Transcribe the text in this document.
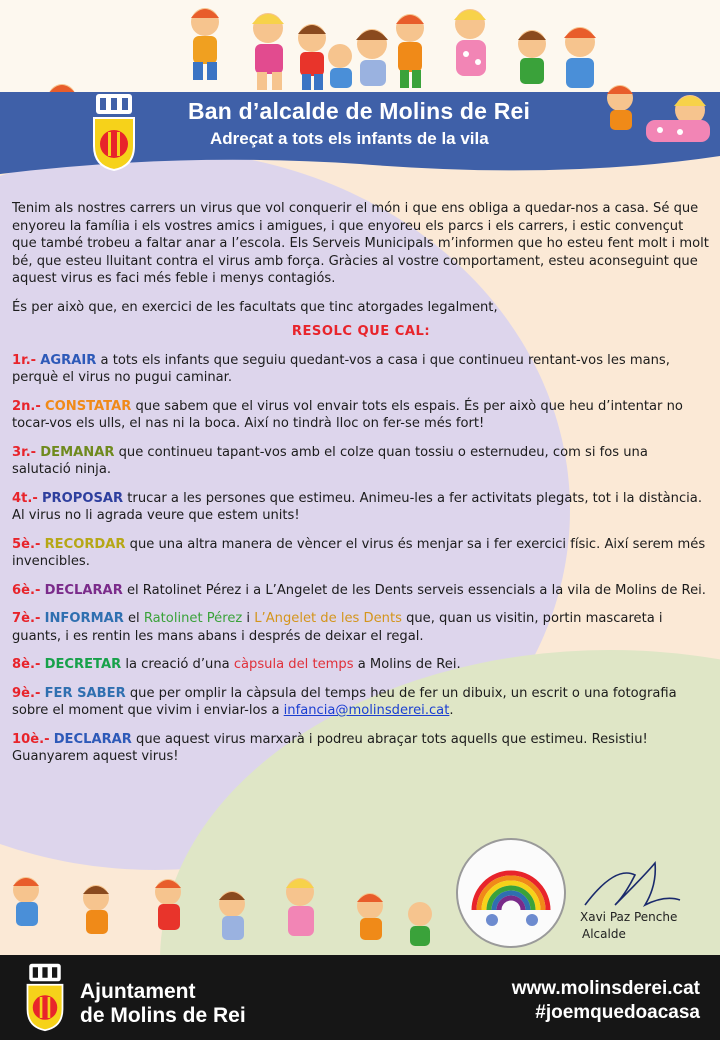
Ban d’alcalde de Molins de Rei
Adreçat a tots els infants de la vila

Tenim als nostres carrers un virus que vol conquerir el món i que ens obliga a quedar-nos a casa. Sé que enyoreu la família i els vostres amics i amigues, i que enyoreu els parcs i els carrers, i estic convençut que també trobeu a faltar anar a l’escola. Els Serveis Municipals m’informen que ho esteu fent molt i molt bé, que esteu lluitant contra el virus amb força. Gràcies al vostre comportament, esteu aconseguint que aquest virus es faci més feble i menys contagiós.

És per això que, en exercici de les facultats que tinc atorgades legalment,

RESOLC QUE CAL:

1r.- AGRAIR a tots els infants que seguiu quedant-vos a casa i que continueu rentant-vos les mans, perquè el virus no pugui caminar.

2n.- CONSTATAR que sabem que el virus vol envair tots els espais. És per això que heu d’intentar no tocar-vos els ulls, el nas ni la boca. Així no tindrà lloc on fer-se més fort!

3r.- DEMANAR que continueu tapant-vos amb el colze quan tossiu o esternudeu, com si fos una salutació ninja.

4t.- PROPOSAR trucar a les persones que estimeu. Animeu-les a fer activitats plegats, tot i la distància. Al virus no li agrada veure que estem units!

5è.- RECORDAR que una altra manera de vèncer el virus és menjar sa i fer exercici físic. Així serem més invencibles.

6è.- DECLARAR el Ratolinet Pérez i a L’Angelet de les Dents serveis essencials a la vila de Molins de Rei.

7è.- INFORMAR el Ratolinet Pérez i L’Angelet de les Dents que, quan us visitin, portin mascareta i guants, i es rentin les mans abans i després de deixar el regal.

8è.- DECRETAR la creació d’una càpsula del temps a Molins de Rei.

9è.- FER SABER que per omplir la càpsula del temps heu de fer un dibuix, un escrit o una fotografia sobre el moment que vivim i enviar-los a infancia@molinsderei.cat.

10è.- DECLARAR que aquest virus marxarà i podreu abraçar tots aquells que estimeu. Resistiu! Guanyarem aquest virus!

Xavi Paz Penche
Alcalde
Ajuntament
de Molins de Rei
www.molinsderei.cat
#joemquedoacasa
